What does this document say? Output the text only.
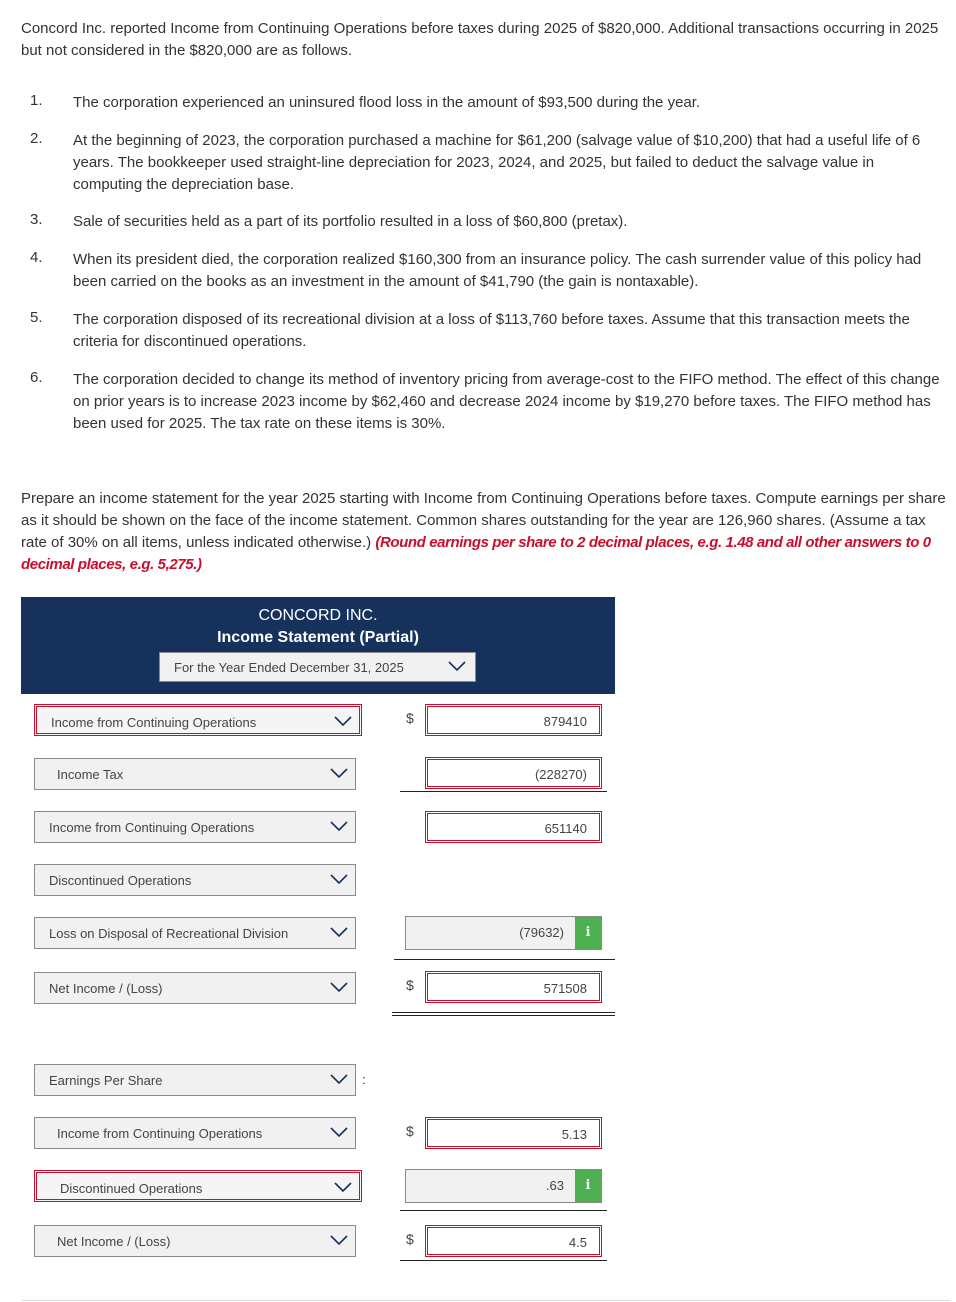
Concord Inc. reported Income from Continuing Operations before taxes during 2025 of $820,000. Additional transactions occurring in 2025 but not considered in the $820,000 are as follows.
1.	The corporation experienced an uninsured flood loss in the amount of $93,500 during the year.
2.	At the beginning of 2023, the corporation purchased a machine for $61,200 (salvage value of $10,200) that had a useful life of 6 years. The bookkeeper used straight-line depreciation for 2023, 2024, and 2025, but failed to deduct the salvage value in computing the depreciation base.
3.	Sale of securities held as a part of its portfolio resulted in a loss of $60,800 (pretax).
4.	When its president died, the corporation realized $160,300 from an insurance policy. The cash surrender value of this policy had been carried on the books as an investment in the amount of $41,790 (the gain is nontaxable).
5.	The corporation disposed of its recreational division at a loss of $113,760 before taxes. Assume that this transaction meets the criteria for discontinued operations.
6.	The corporation decided to change its method of inventory pricing from average-cost to the FIFO method. The effect of this change on prior years is to increase 2023 income by $62,460 and decrease 2024 income by $19,270 before taxes. The FIFO method has been used for 2025. The tax rate on these items is 30%.
Prepare an income statement for the year 2025 starting with Income from Continuing Operations before taxes. Compute earnings per share as it should be shown on the face of the income statement. Common shares outstanding for the year are 126,960 shares. (Assume a tax rate of 30% on all items, unless indicated otherwise.) (Round earnings per share to 2 decimal places, e.g. 1.48 and all other answers to 0 decimal places, e.g. 5,275.)
CONCORD INC.
Income Statement (Partial)
For the Year Ended December 31, 2025
Income from Continuing Operations	$	879410
Income Tax	(228270)
Income from Continuing Operations	651140
Discontinued Operations
Loss on Disposal of Recreational Division	(79632)	i
Net Income / (Loss)	$	571508
Earnings Per Share	:
Income from Continuing Operations	$	5.13
Discontinued Operations	.63	i
Net Income / (Loss)	$	4.5
